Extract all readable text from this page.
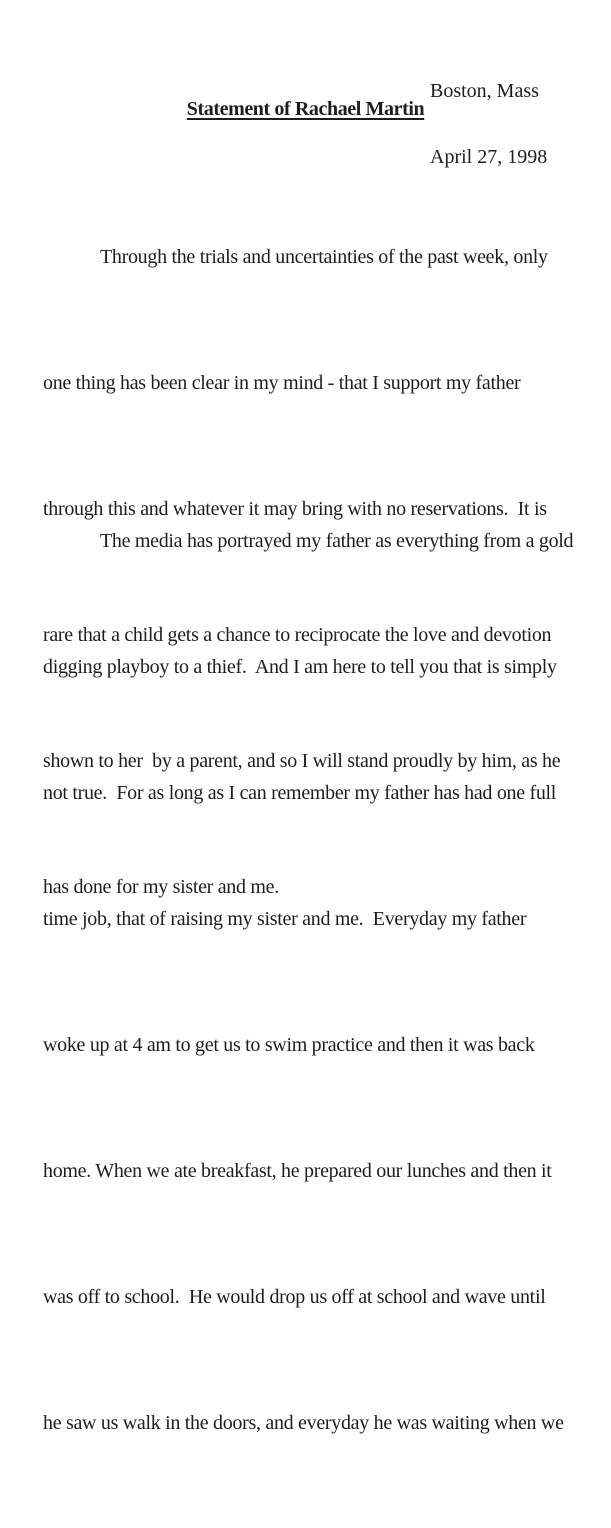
Boston, Mass

April 27, 1998

Statement of Rachael Martin

Through the trials and uncertainties of the past week, only

one thing has been clear in my mind - that I support my father

through this and whatever it may bring with no reservations.  It is

rare that a child gets a chance to reciprocate the love and devotion

shown to her  by a parent, and so I will stand proudly by him, as he

has done for my sister and me.

The media has portrayed my father as everything from a gold

digging playboy to a thief.  And I am here to tell you that is simply

not true.  For as long as I can remember my father has had one full

time job, that of raising my sister and me.  Everyday my father

woke up at 4 am to get us to swim practice and then it was back

home. When we ate breakfast, he prepared our lunches and then it

was off to school.  He would drop us off at school and wave until

he saw us walk in the doors, and everyday he was waiting when we
